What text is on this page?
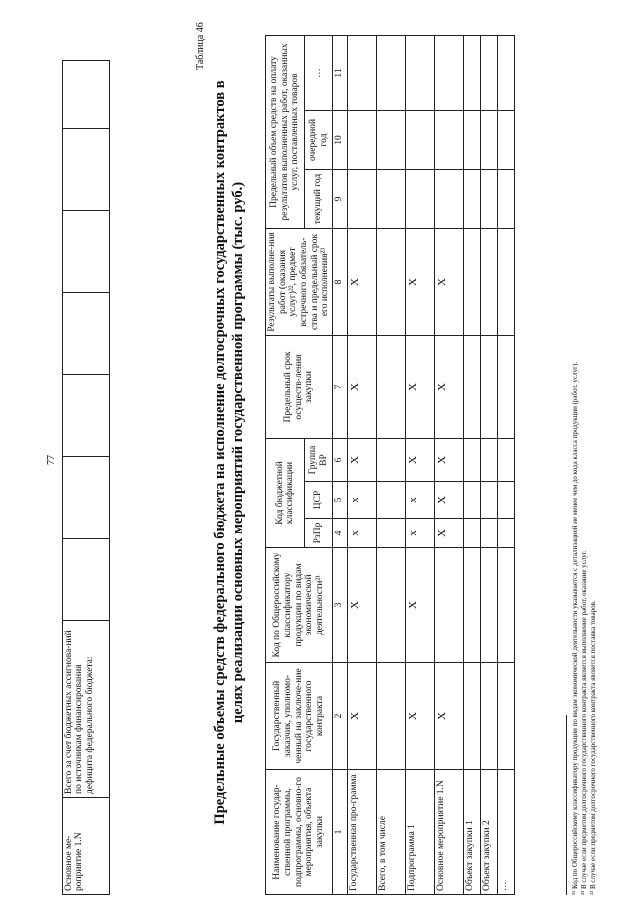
Основное ме-роприятие 1.N	Всего за счет бюджетных ассигнова-ний по источникам финансирования дефицита федерального бюджета:							
77
Таблица 46
Предельные объемы средств федерального бюджета на исполнение долгосрочных государственных контрактов в целях реализации основных мероприятий государственной программы (тыс. руб.)
Наименование государ-ственной программы, подпрограммы, основно-го мероприятия, объекта закупки	Государственный заказчик, уполномо-ченный на заключе-ние государственного контракта	Код по Общероссийскому классификатору продукции по видам экономической деятельности²¹	Код бюджетной классификации			Предельный срок осуществ-ления закупки	Результаты выполне-ния работ (оказания услуг)²², предмет встречного обязатель-ства и предельный срок его исполнения²³	Предельный объем средств на оплату результатов выполненных работ, оказанных услуг, поставленных товаров		
			РзПр	ЦСР	Группа ВР			текущий год	очередной год	…
1	2	3	4	5	6	7	8	9	10	11
Государственная про-грамма	X	X	x	x	X	X	X			
Всего, в том числе										
Подпрограмма 1	X	X	x	x	X	X	X			
Основное мероприятие 1.N	X		X	X	X	X	X			
Объект закупки 1										
Объект закупки 2										
…											²¹ Код по Общероссийскому классификатору продукции по видам экономической деятельности указывается с детализацией не менее чем до кода класса продукции (работ, услуг). ²² В случае если предметом долгосрочного государственного контракта является выполнение работ, оказание услуг. ²³ В случае если предметом долгосрочного государственного контракта является поставка товаров.
